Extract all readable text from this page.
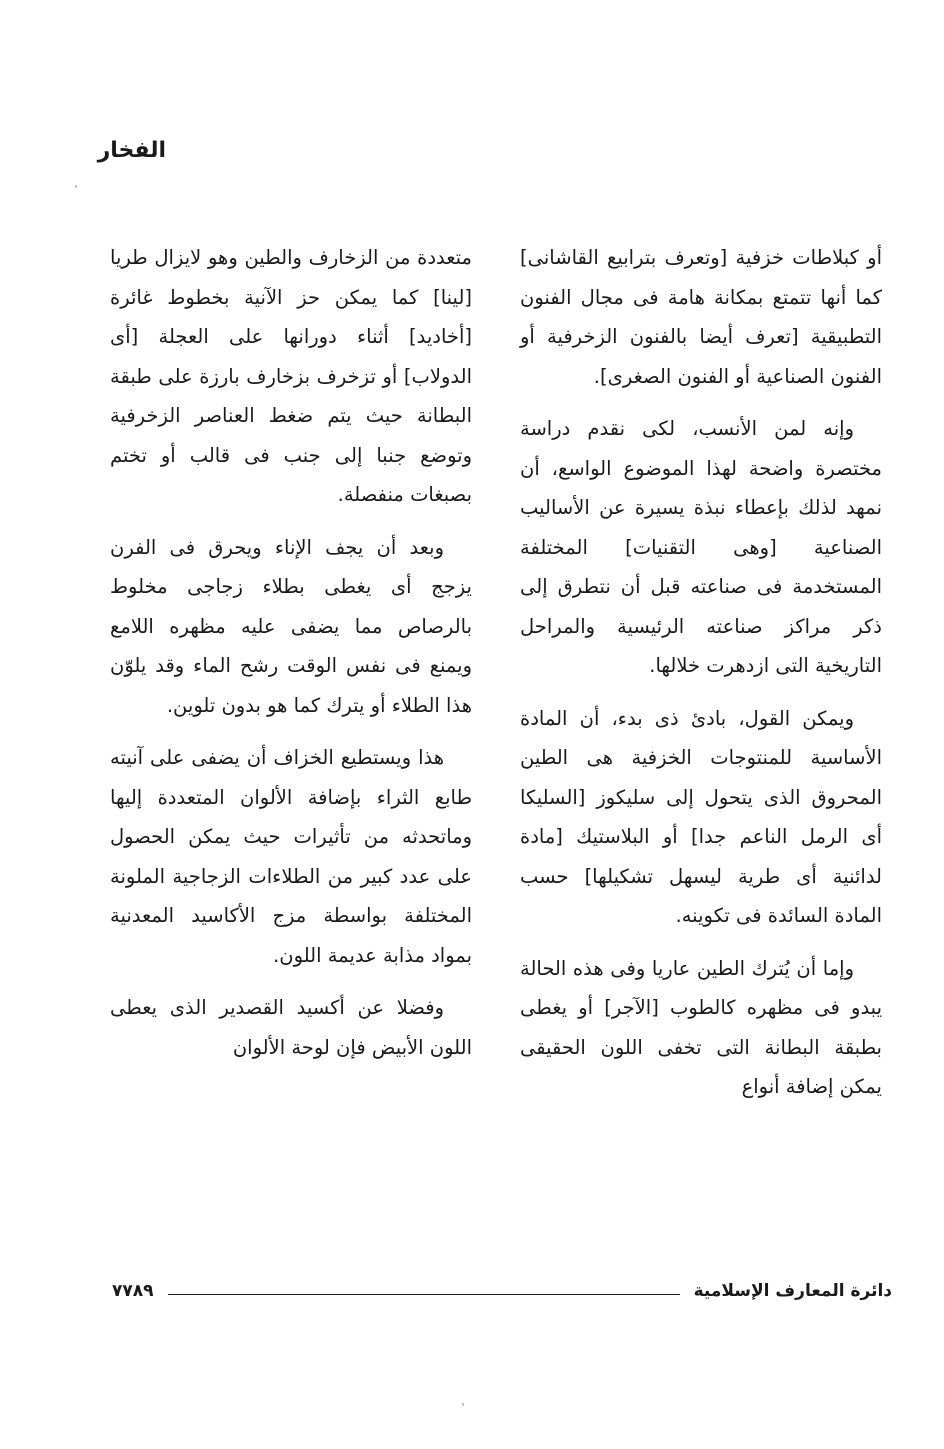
الفخار

أو كبلاطات خزفية [وتعرف بترابيع القاشانى] كما أنها تتمتع بمكانة هامة فى مجال الفنون التطبيقية [تعرف أيضا بالفنون الزخرفية أو الفنون الصناعية أو الفنون الصغرى].

وإنه لمن الأنسب، لكى نقدم دراسة مختصرة واضحة لهذا الموضوع الواسع، أن نمهد لذلك بإعطاء نبذة يسيرة عن الأساليب الصناعية [وهى التقنيات] المختلفة المستخدمة فى صناعته قبل أن نتطرق إلى ذكر مراكز صناعته الرئيسية والمراحل التاريخية التى ازدهرت خلالها.

ويمكن القول، بادئ ذى بدء، أن المادة الأساسية للمنتوجات الخزفية هى الطين المحروق الذى يتحول إلى سليكوز [السليكا أى الرمل الناعم جدا] أو البلاستيك [مادة لدائنية أى طرية ليسهل تشكيلها] حسب المادة السائدة فى تكوينه.

وإما أن يُترك الطين عاريا وفى هذه الحالة يبدو فى مظهره كالطوب [الآجر] أو يغطى بطبقة البطانة التى تخفى اللون الحقيقى يمكن إضافة أنواع

متعددة من الزخارف والطين وهو لايزال طريا [لينا] كما يمكن حز الآنية بخطوط غائرة [أخاديد] أثناء دورانها على العجلة [أى الدولاب] أو تزخرف بزخارف بارزة على طبقة البطانة حيث يتم ضغط العناصر الزخرفية وتوضع جنبا إلى جنب فى قالب أو تختم بصبغات منفصلة.

وبعد أن يجف الإناء ويحرق فى الفرن يزجج أى يغطى بطلاء زجاجى مخلوط بالرصاص مما يضفى عليه مظهره اللامع ويمنع فى نفس الوقت رشح الماء وقد يلوّن هذا الطلاء أو يترك كما هو بدون تلوين.

هذا ويستطيع الخزاف أن يضفى على آنيته طابع الثراء بإضافة الألوان المتعددة إليها وماتحدثه من تأثيرات حيث يمكن الحصول على عدد كبير من الطلاءات الزجاجية الملونة المختلفة بواسطة مزج الأكاسيد المعدنية بمواد مذابة عديمة اللون.

وفضلا عن أكسيد القصدير الذى يعطى اللون الأبيض فإن لوحة الألوان

دائرة المعارف الإسلامية
٧٧٨٩
